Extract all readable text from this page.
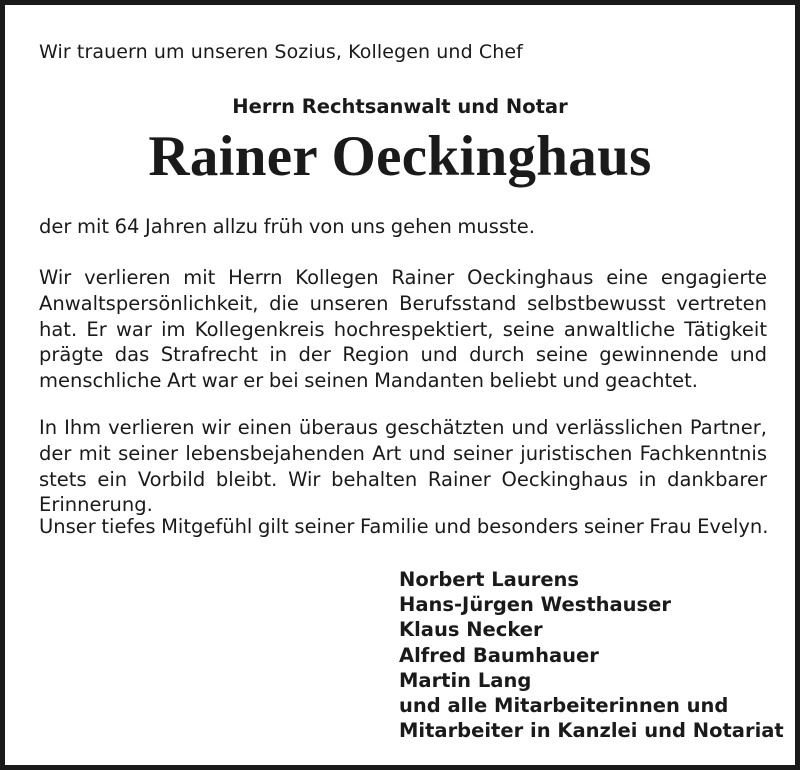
Wir trauern um unseren Sozius, Kollegen und Chef
Herrn Rechtsanwalt und Notar
Rainer Oeckinghaus

der mit 64 Jahren allzu früh von uns gehen musste.

Wir verlieren mit Herrn Kollegen Rainer Oeckinghaus eine engagierte Anwaltspersönlichkeit, die unseren Berufsstand selbstbewusst vertreten hat. Er war im Kollegenkreis hochrespektiert, seine anwaltliche Tätigkeit prägte das Strafrecht in der Region und durch seine gewinnende und menschliche Art war er bei seinen Mandanten beliebt und geachtet.

In Ihm verlieren wir einen überaus geschätzten und verlässlichen Partner, der mit seiner lebensbejahenden Art und seiner juristischen Fachkenntnis stets ein Vorbild bleibt. Wir behalten Rainer Oeckinghaus in dankbarer Erinnerung.

Unser tiefes Mitgefühl gilt seiner Familie und besonders seiner Frau Evelyn.

Norbert Laurens
Hans-Jürgen Westhauser
Klaus Necker
Alfred Baumhauer
Martin Lang
und alle Mitarbeiterinnen und
Mitarbeiter in Kanzlei und Notariat
